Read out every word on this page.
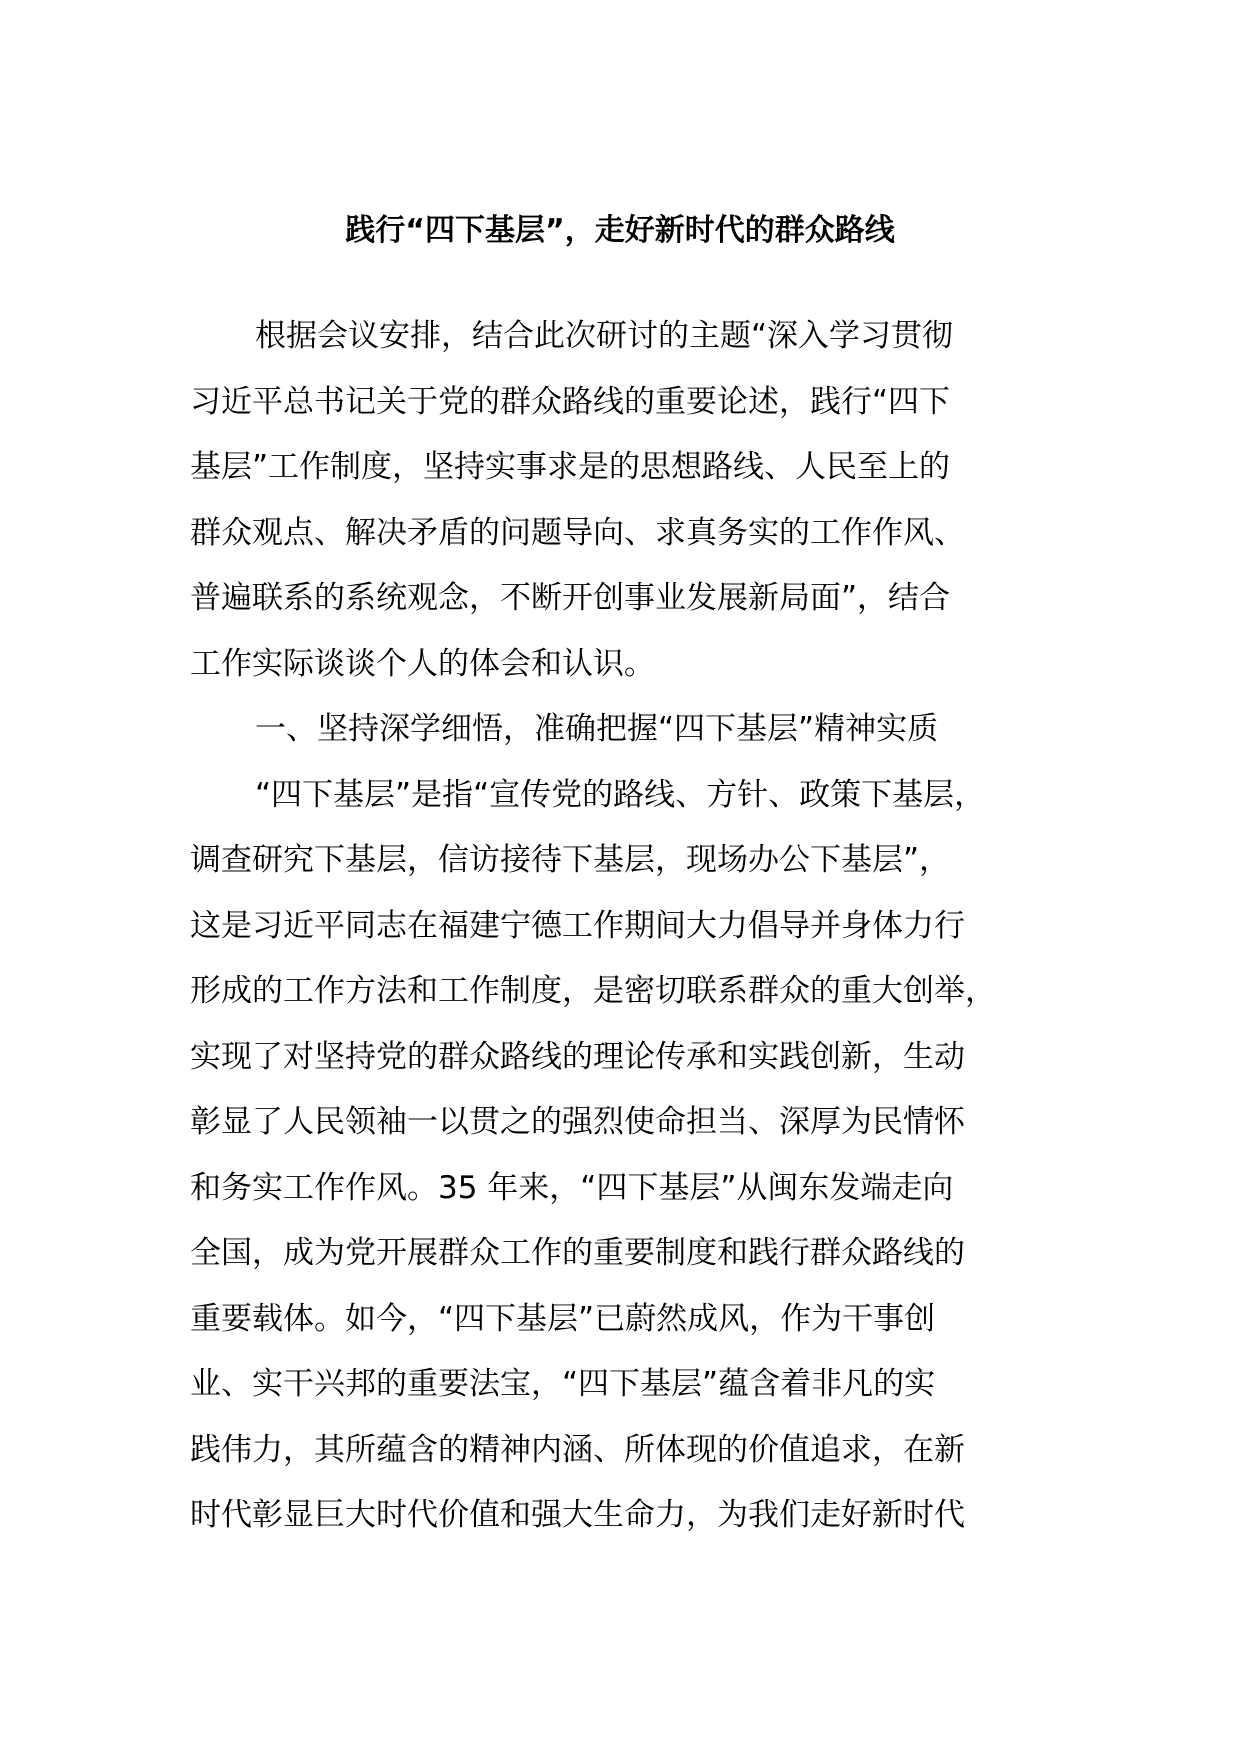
践行“四下基层”，走好新时代的群众路线
根据会议安排，结合此次研讨的主题“深入学习贯彻
习近平总书记关于党的群众路线的重要论述，践行“四下
基层”工作制度，坚持实事求是的思想路线、人民至上的
群众观点、解决矛盾的问题导向、求真务实的工作作风、
普遍联系的系统观念，不断开创事业发展新局面”，结合
工作实际谈谈个人的体会和认识。
一、坚持深学细悟，准确把握“四下基层”精神实质
“四下基层”是指“宣传党的路线、方针、政策下基层，
调查研究下基层，信访接待下基层，现场办公下基层”，
这是习近平同志在福建宁德工作期间大力倡导并身体力行
形成的工作方法和工作制度，是密切联系群众的重大创举，
实现了对坚持党的群众路线的理论传承和实践创新，生动
彰显了人民领袖一以贯之的强烈使命担当、深厚为民情怀
和务实工作作风。35 年来，“四下基层”从闽东发端走向
全国，成为党开展群众工作的重要制度和践行群众路线的
重要载体。如今，“四下基层”已蔚然成风，作为干事创
业、实干兴邦的重要法宝，“四下基层”蕴含着非凡的实
践伟力，其所蕴含的精神内涵、所体现的价值追求，在新
时代彰显巨大时代价值和强大生命力，为我们走好新时代
